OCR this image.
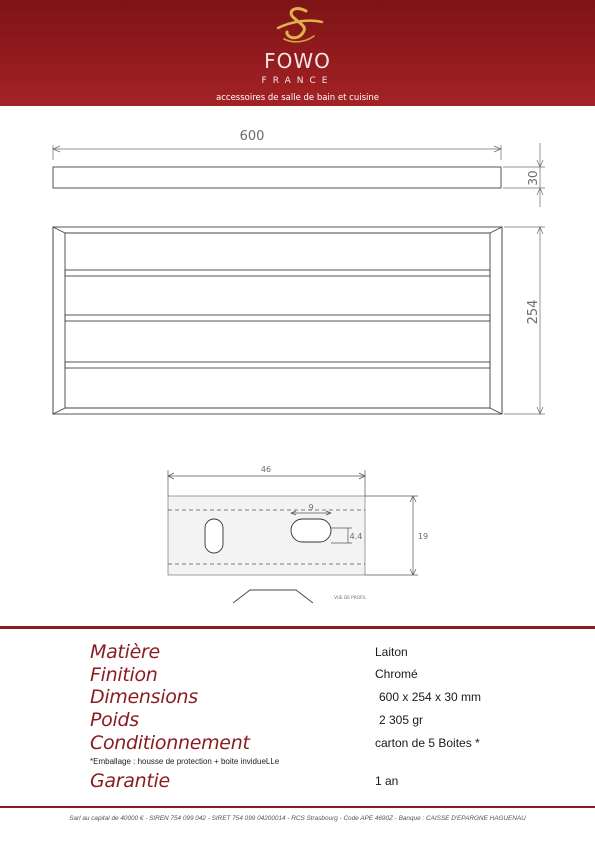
FOWO
FRANCE
accessoires de salle de bain et cuisine
600
30
254
46
9
4.4	19
VUE DE PROFIL
Matière	Laiton
Finition	Chromé
Dimensions	600 x 254 x 30 mm
Poids	2 305 gr
Conditionnement	carton de 5 Boites *
*Emballage : housse de protection + boite invidueLLe
Garantie	1 an
Sarl au capital de 40000 € - SIREN 754 099 042 - SIRET 754 099 04200014 - RCS Strasbourg - Code APE 4690Z - Banque : CAISSE D'EPARGNE HAGUENAU
